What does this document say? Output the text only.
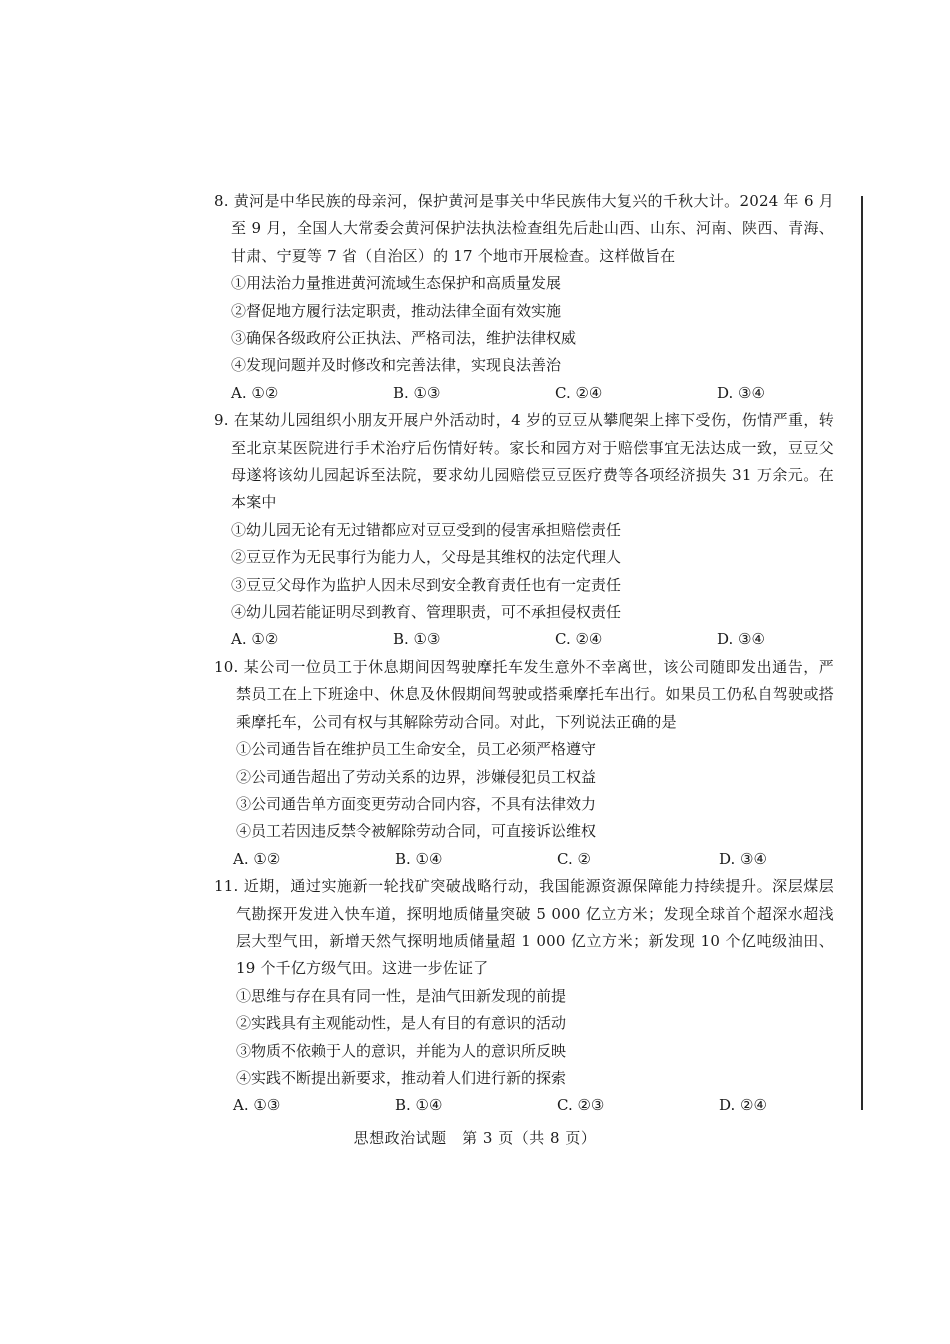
8. 黄河是中华民族的母亲河，保护黄河是事关中华民族伟大复兴的千秋大计。2024 年 6 月至 9 月，全国人大常委会黄河保护法执法检查组先后赴山西、山东、河南、陕西、青海、甘肃、宁夏等 7 省（自治区）的 17 个地市开展检查。这样做旨在

①用法治力量推进黄河流域生态保护和高质量发展

②督促地方履行法定职责，推动法律全面有效实施

③确保各级政府公正执法、严格司法，维护法律权威

④发现问题并及时修改和完善法律，实现良法善治

A. ①②	B. ①③	C. ②④	D. ③④

9. 在某幼儿园组织小朋友开展户外活动时，4 岁的豆豆从攀爬架上摔下受伤，伤情严重，转至北京某医院进行手术治疗后伤情好转。家长和园方对于赔偿事宜无法达成一致，豆豆父母遂将该幼儿园起诉至法院，要求幼儿园赔偿豆豆医疗费等各项经济损失 31 万余元。在本案中

①幼儿园无论有无过错都应对豆豆受到的侵害承担赔偿责任

②豆豆作为无民事行为能力人，父母是其维权的法定代理人

③豆豆父母作为监护人因未尽到安全教育责任也有一定责任

④幼儿园若能证明尽到教育、管理职责，可不承担侵权责任

A. ①②	B. ①③	C. ②④	D. ③④

10. 某公司一位员工于休息期间因驾驶摩托车发生意外不幸离世，该公司随即发出通告，严禁员工在上下班途中、休息及休假期间驾驶或搭乘摩托车出行。如果员工仍私自驾驶或搭乘摩托车，公司有权与其解除劳动合同。对此，下列说法正确的是

①公司通告旨在维护员工生命安全，员工必须严格遵守

②公司通告超出了劳动关系的边界，涉嫌侵犯员工权益

③公司通告单方面变更劳动合同内容，不具有法律效力

④员工若因违反禁令被解除劳动合同，可直接诉讼维权

A. ①②	B. ①④	C. ②	D. ③④

11. 近期，通过实施新一轮找矿突破战略行动，我国能源资源保障能力持续提升。深层煤层气勘探开发进入快车道，探明地质储量突破 5 000 亿立方米；发现全球首个超深水超浅层大型气田，新增天然气探明地质储量超 1 000 亿立方米；新发现 10 个亿吨级油田、19 个千亿方级气田。这进一步佐证了

①思维与存在具有同一性，是油气田新发现的前提

②实践具有主观能动性，是人有目的有意识的活动

③物质不依赖于人的意识，并能为人的意识所反映

④实践不断提出新要求，推动着人们进行新的探索

A. ①③	B. ①④	C. ②③	D. ②④
思想政治试题　第 3 页（共 8 页）
